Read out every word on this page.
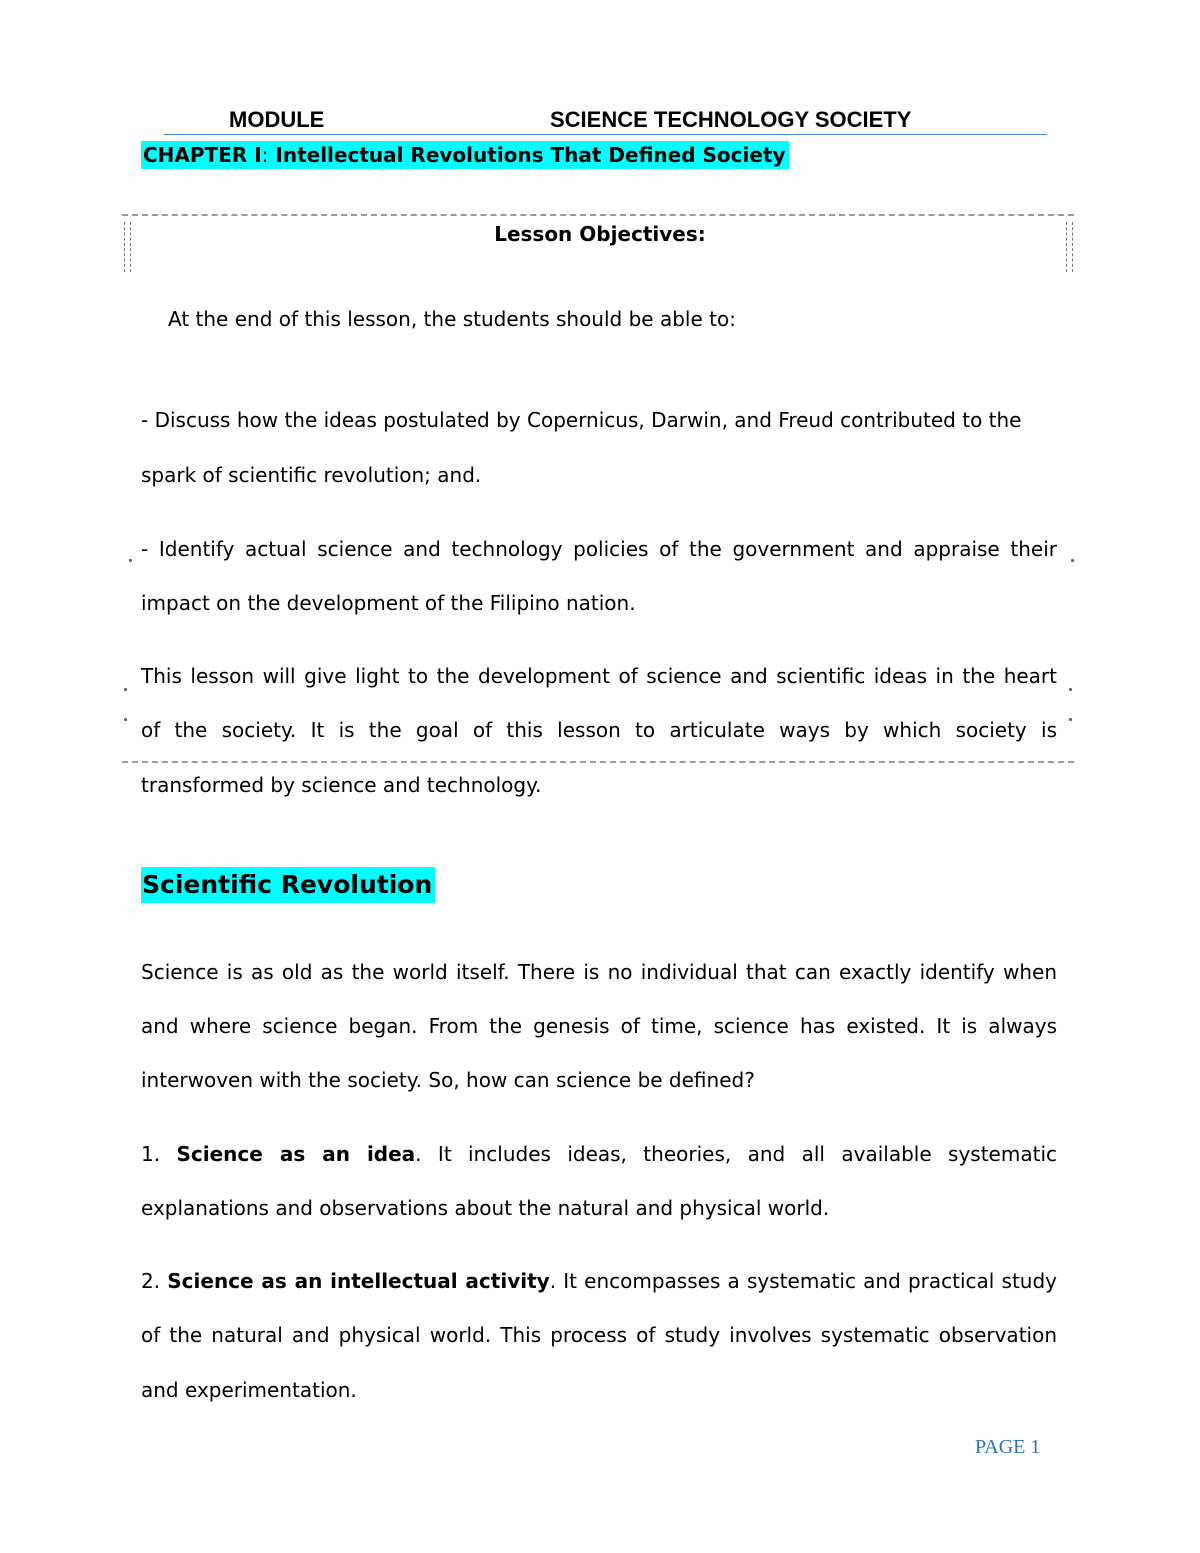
MODULE	SCIENCE TECHNOLOGY SOCIETY
CHAPTER I: Intellectual Revolutions That Defined Society
Lesson Objectives:
At the end of this lesson, the students should be able to:
- Discuss how the ideas postulated by Copernicus, Darwin, and Freud contributed to the
spark of scientific revolution; and.
- Identify actual science and technology policies of the government and appraise their
impact on the development of the Filipino nation.
This lesson will give light to the development of science and scientific ideas in the heart
of the society. It is the goal of this lesson to articulate ways by which society is
transformed by science and technology.
Scientific Revolution
Science is as old as the world itself. There is no individual that can exactly identify when
and where science began. From the genesis of time, science has existed. It is always
interwoven with the society. So, how can science be defined?
1. Science as an idea. It includes ideas, theories, and all available systematic
explanations and observations about the natural and physical world.
2. Science as an intellectual activity. It encompasses a systematic and practical study
of the natural and physical world. This process of study involves systematic observation
and experimentation.
PAGE 1
